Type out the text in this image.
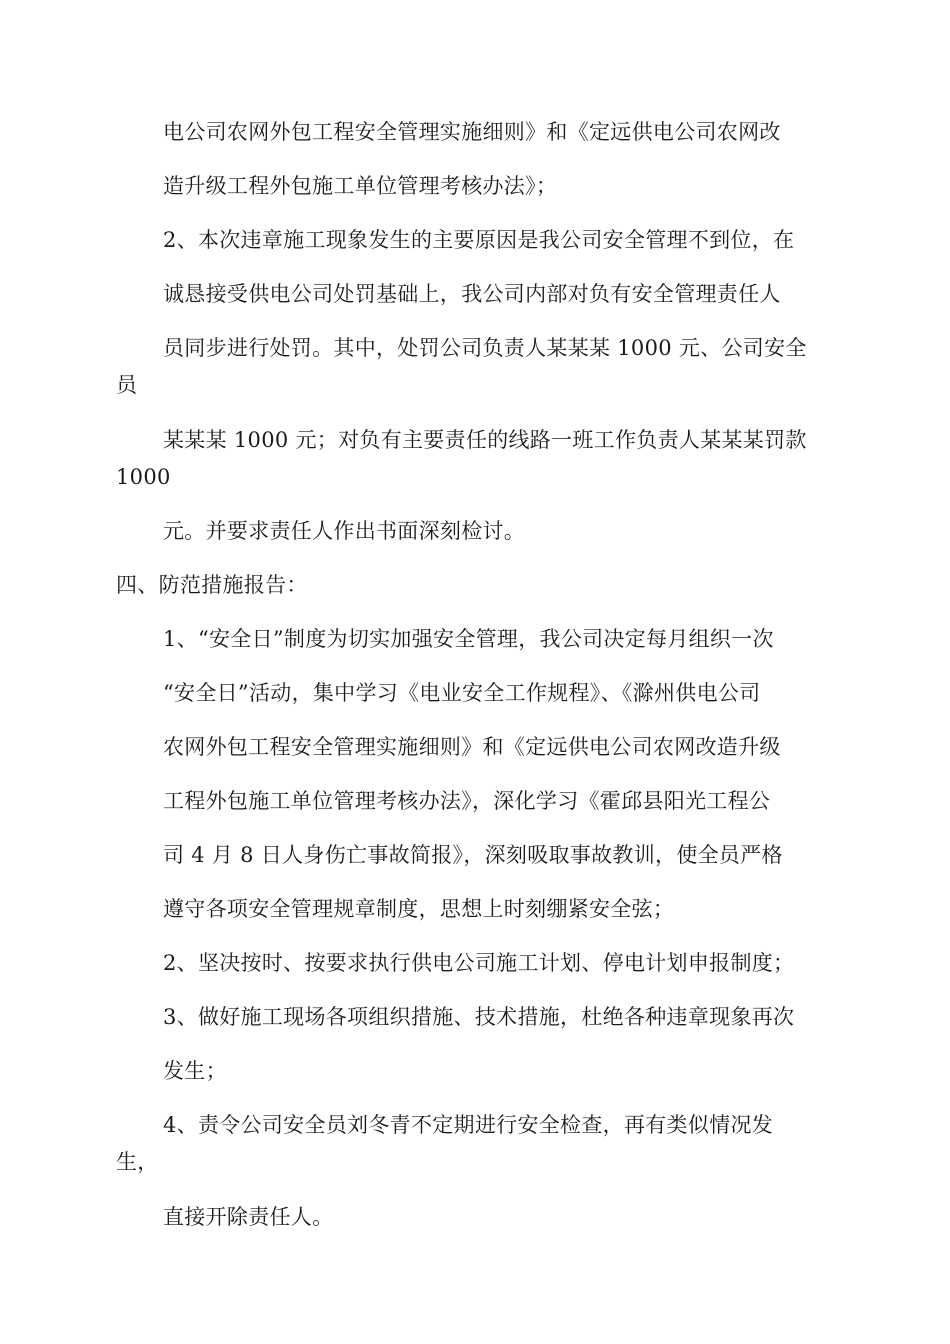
电公司农网外包工程安全管理实施细则》和《定远供电公司农网改
造升级工程外包施工单位管理考核办法》；
2、本次违章施工现象发生的主要原因是我公司安全管理不到位，在
诚恳接受供电公司处罚基础上，我公司内部对负有安全管理责任人
员同步进行处罚。其中，处罚公司负责人某某某 1000 元、公司安全
员
某某某 1000 元；对负有主要责任的线路一班工作负责人某某某罚款
1000
元。并要求责任人作出书面深刻检讨。
四、防范措施报告：
1、“安全日”制度为切实加强安全管理，我公司决定每月组织一次
“安全日”活动，集中学习《电业安全工作规程》、《滁州供电公司
农网外包工程安全管理实施细则》和《定远供电公司农网改造升级
工程外包施工单位管理考核办法》，深化学习《霍邱县阳光工程公
司 4 月 8 日人身伤亡事故简报》，深刻吸取事故教训，使全员严格
遵守各项安全管理规章制度，思想上时刻绷紧安全弦；
2、坚决按时、按要求执行供电公司施工计划、停电计划申报制度；
3、做好施工现场各项组织措施、技术措施，杜绝各种违章现象再次
发生；
4、责令公司安全员刘冬青不定期进行安全检查，再有类似情况发
生，
直接开除责任人。
